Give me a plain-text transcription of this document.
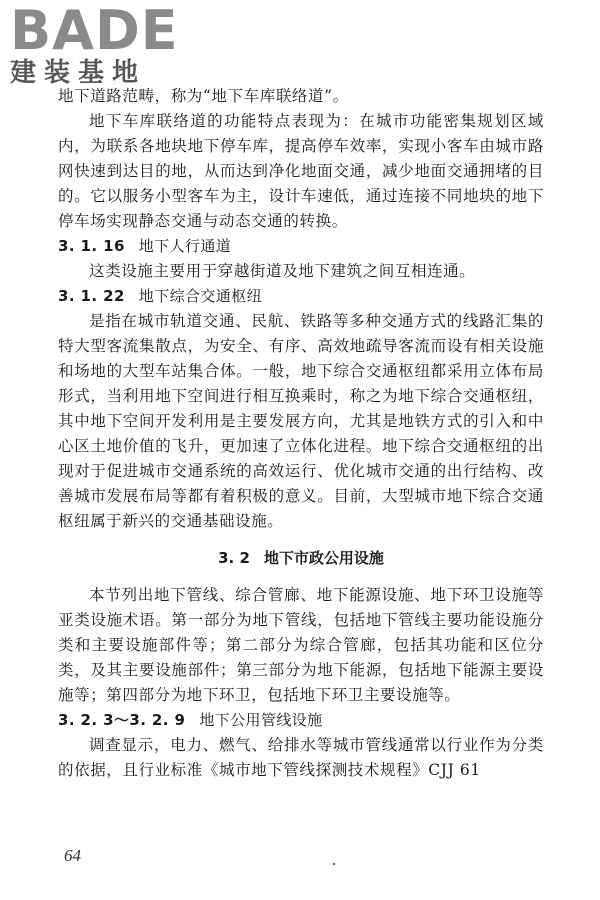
BADE
建装基地

地下道路范畴，称为“地下车库联络道”。

地下车库联络道的功能特点表现为：在城市功能密集规划区域内，为联系各地块地下停车库，提高停车效率，实现小客车由城市路网快速到达目的地，从而达到净化地面交通，减少地面交通拥堵的目的。它以服务小型客车为主，设计车速低，通过连接不同地块的地下停车场实现静态交通与动态交通的转换。

3. 1. 16 地下人行通道

这类设施主要用于穿越街道及地下建筑之间互相连通。

3. 1. 22 地下综合交通枢纽

是指在城市轨道交通、民航、铁路等多种交通方式的线路汇集的特大型客流集散点，为安全、有序、高效地疏导客流而设有相关设施和场地的大型车站集合体。一般，地下综合交通枢纽都采用立体布局形式，当利用地下空间进行相互换乘时，称之为地下综合交通枢纽，其中地下空间开发利用是主要发展方向，尤其是地铁方式的引入和中心区土地价值的飞升，更加速了立体化进程。地下综合交通枢纽的出现对于促进城市交通系统的高效运行、优化城市交通的出行结构、改善城市发展布局等都有着积极的意义。目前，大型城市地下综合交通枢纽属于新兴的交通基础设施。

3. 2 地下市政公用设施

本节列出地下管线、综合管廊、地下能源设施、地下环卫设施等亚类设施术语。第一部分为地下管线，包括地下管线主要功能设施分类和主要设施部件等；第二部分为综合管廊，包括其功能和区位分类，及其主要设施部件；第三部分为地下能源，包括地下能源主要设施等；第四部分为地下环卫，包括地下环卫主要设施等。

3. 2. 3～3. 2. 9 地下公用管线设施

调查显示，电力、燃气、给排水等城市管线通常以行业作为分类的依据，且行业标准《城市地下管线探测技术规程》CJJ 61

64
